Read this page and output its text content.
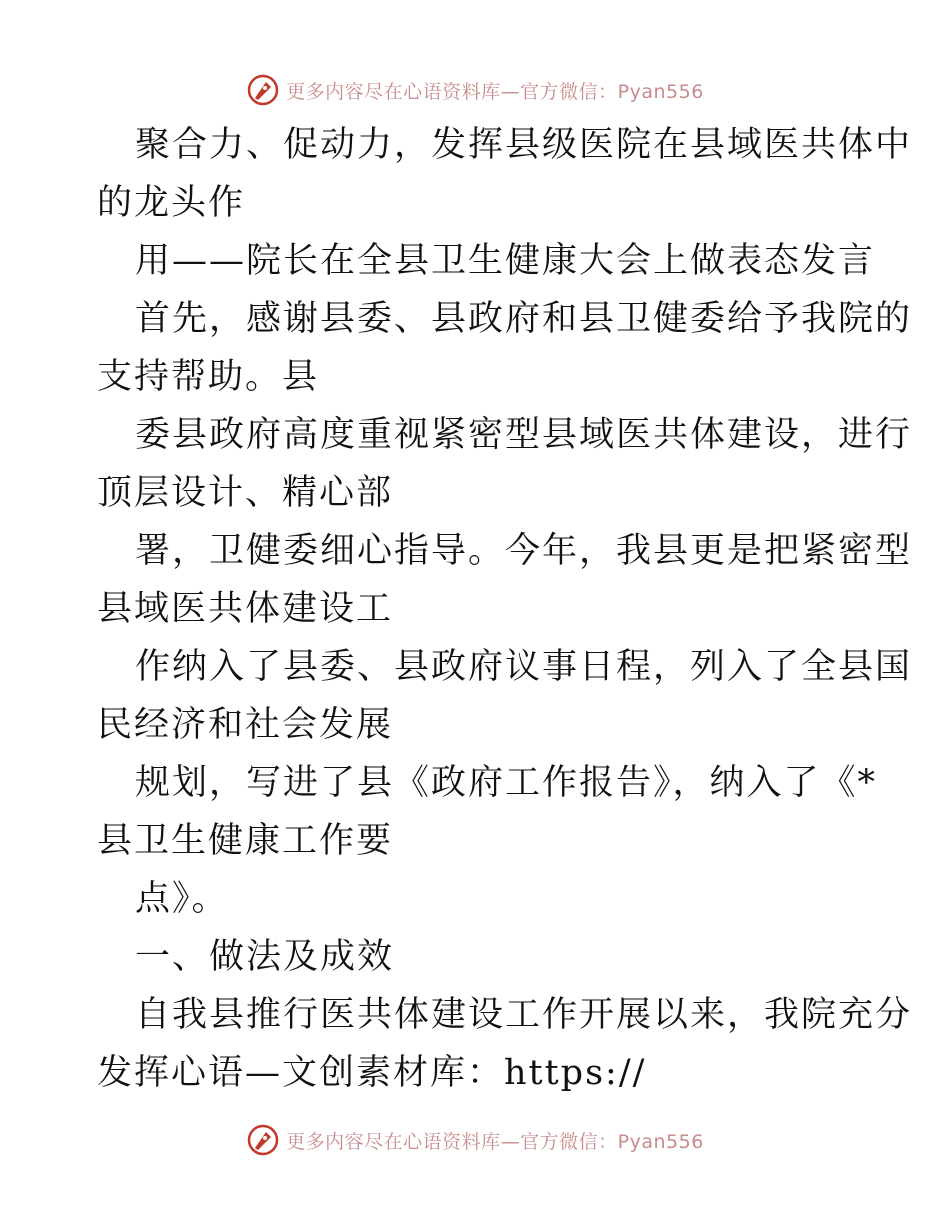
更多内容尽在心语资料库—官方微信：Pyan556
聚合力、促动力，发挥县级医院在县域医共体中
的龙头作
用——院长在全县卫生健康大会上做表态发言
首先，感谢县委、县政府和县卫健委给予我院的
支持帮助。县
委县政府高度重视紧密型县域医共体建设，进行
顶层设计、精心部
署，卫健委细心指导。今年，我县更是把紧密型
县域医共体建设工
作纳入了县委、县政府议事日程，列入了全县国
民经济和社会发展
规划，写进了县《政府工作报告》，纳入了《*
县卫生健康工作要
点》。
一、做法及成效
自我县推行医共体建设工作开展以来，我院充分
发挥心语—文创素材库：https://
更多内容尽在心语资料库—官方微信：Pyan556
